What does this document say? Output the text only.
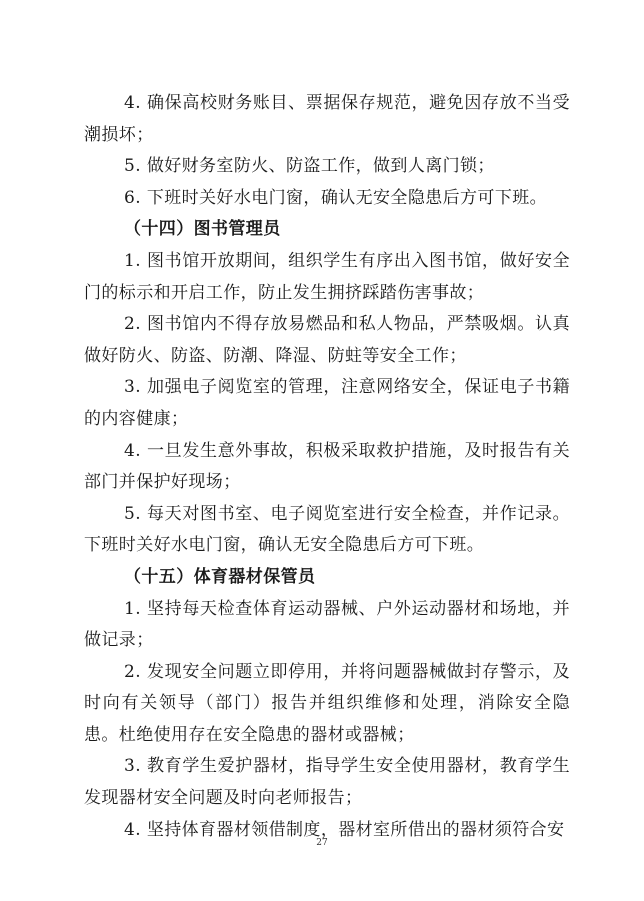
4. 确保高校财务账目、票据保存规范，避免因存放不当受潮损坏；

5. 做好财务室防火、防盗工作，做到人离门锁；

6. 下班时关好水电门窗，确认无安全隐患后方可下班。

（十四）图书管理员

1. 图书馆开放期间，组织学生有序出入图书馆，做好安全门的标示和开启工作，防止发生拥挤踩踏伤害事故；

2. 图书馆内不得存放易燃品和私人物品，严禁吸烟。认真做好防火、防盗、防潮、降湿、防蛀等安全工作；

3. 加强电子阅览室的管理，注意网络安全，保证电子书籍的内容健康；

4. 一旦发生意外事故，积极采取救护措施，及时报告有关部门并保护好现场；

5. 每天对图书室、电子阅览室进行安全检查，并作记录。下班时关好水电门窗，确认无安全隐患后方可下班。

（十五）体育器材保管员

1. 坚持每天检查体育运动器械、户外运动器材和场地，并做记录；

2. 发现安全问题立即停用，并将问题器械做封存警示，及时向有关领导（部门）报告并组织维修和处理，消除安全隐患。杜绝使用存在安全隐患的器材或器械；

3. 教育学生爱护器材，指导学生安全使用器材，教育学生发现器材安全问题及时向老师报告；

4. 坚持体育器材领借制度，器材室所借出的器材须符合安

27
